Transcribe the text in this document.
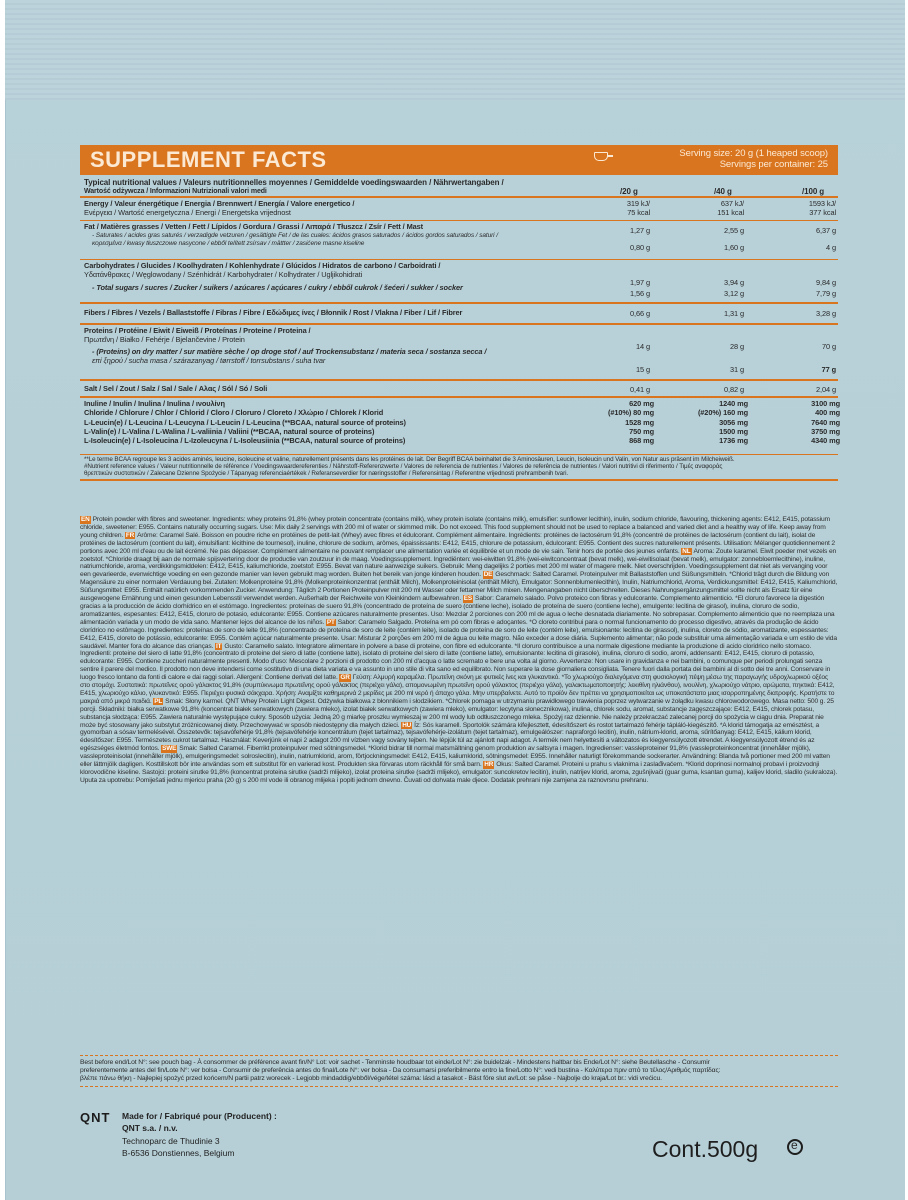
SUPPLEMENT FACTS	Serving size: 20 g (1 heaped scoop)
Servings per container: 25
Typical nutritional values / Valeurs nutritionnelles moyennes / Gemiddelde voedingswaarden / Nährwertangaben /
Wartość odżywcza / Informazioni Nutrizionali valori medi	/20 g	/40 g	/100 g
Energy / Valeur énergétique / Energia / Brennwert / Energía / Valore energetico /
Ενέργεια / Wartość energetyczna / Energi / Energetska vrijednost
319 kJ/	637 kJ/	1593 kJ/
75 kcal	151 kcal	377 kcal
Fat / Matières grasses / Vetten / Fett / Lípidos / Gordura / Grassi / Λιπαρά / Tłuszcz / Zsír / Fett / Mast	1,27 g	2,55 g	6,37 g
- Saturates / acides gras saturés / verzadigde vetzuren / gesättigte Fet / de las cuales: ácidos grasos saturados / ácidos gordos saturados / saturi /
κορεσμένα / kwasy tłuszczowe nasycone / ebből telített zsírsav / mättter / zasićene masne kiseline	0,80 g	1,60 g	4 g
Carbohydrates / Glucides / Koolhydraten / Kohlenhydrate / Glúcidos / Hidratos de carbono / Carboidrati /
Υδατάνθρακες / Węglowodany / Szénhidrát / Karbohydrater / Kolhydrater / Ugljikohidrati
1,97 g	3,94 g	9,84 g
- Total sugars / sucres / Zucker / suikers / azúcares / açúcares / cukry / ebből cukrok / šećeri / sukker / socker
1,56 g	3,12 g	7,79 g
Fibers / Fibres / Vezels / Ballaststoffe / Fibras / Fibre / Εδώδιμες ίνες / Błonnik / Rost / Vlakna / Fiber / Lif / Fibrer	0,66 g	1,31 g	3,28 g
Proteins / Protéine / Eiwit / Eiweiß / Proteínas / Proteine / Proteina /
Πρωτεΐνη / Białko / Fehérje / Bjelančevine / Protein
14 g	28 g	70 g
- (Proteins) on dry matter / sur matière sèche / op droge stof / auf Trockensubstanz / materia seca / sostanza secca /
επί ξηρού / sucha masa / szárazanyag / tørrstoff / torrsubstans / suha tvar
15 g	31 g	77 g
Salt / Sel / Zout / Salz / Sal / Sale / Αλας / Sól / Só / Soli	0,41 g	0,82 g	2,04 g
Inuline / Inulin / Inulina / Inulina / ινουλίνη	620 mg	1240 mg	3100 mg
Chloride / Chlorure / Chlor / Chlorid / Cloro / Cloruro / Cloreto / Χλώριο / Chlorek / Klorid	(#10%) 80 mg	(#20%) 160 mg	400 mg
L-Leucin(e) / L-Leucina / L-Leucyna / L-Leucin / L-Leucina (**BCAA, natural source of proteins)	1528 mg	3056 mg	7640 mg
L-Valin(e) / L-Valina / L-Walina / L-valiinia / Valiini (**BCAA, natural source of proteins)	750 mg	1500 mg	3750 mg
L-Isoleucin(e) / L-Isoleucina / L-Izoleucyna / L-Isoleusiinia (**BCAA, natural source of proteins)	868 mg	1736 mg	4340 mg
**Le terme BCAA regroupe les 3 acides aminés, leucine, isoleucine et valine, naturellement présents dans les protéines de lait. Der Begriff BCAA beinhaltet die 3 Aminosäuren, Leucin, Isoleucin und Valin, von Natur aus präsent im Milcheiweiß.
#Nutrient reference values / Valeur nutritionnelle de référence / Voedingswaardereferenties / Nährstoff-Referenzwerte / Valores de referencia de nutrientes / Valores de referência de nutrientes / Valori nutritivi di riferimento / Τιμές αναφοράς
θρεπτικών συστατικών / Zalecane Dzienne Spożycie / Tápanyag referenciaértékek / Referanseverdier for næringsstoffer / Referensintag / Referentne vrijednosti prehrambenih tvari.

EN Protein powder with fibres and sweetener. Ingredients: whey proteins 91,8% (whey protein concentrate (contains milk), whey protein isolate (contains milk), emulsifier: sunflower lecithin), inulin, sodium chloride, flavouring, thickening agents: E412, E415, potassium chloride, sweetener: E955. Contains naturally occurring sugars. Use: Mix daily 2 servings with 200 ml of water or skimmed milk. Do not exceed. This food supplement should not be used to replace a balanced and varied diet and a healthy way of life. Keep away from young children. FR Arôme: Caramel Salé. Boisson en poudre riche en protéines de petit-lait (Whey) avec fibres et édulcorant. Complément alimentaire. Ingrédients: protéines de lactosérum 91,8% (concentré de protéines de lactosérum (contient du lait), isolat de protéines de lactosérum (contient du lait), émulsifiant: lécithine de tournesol), inuline, chlorure de sodium, arômes, épaississants: E412, E415, chlorure de potassium, édulcorant: E955. Contient des sucres naturellement présents. Utilisation: Mélanger quotidiennement 2 portions avec 200 ml d'eau ou de lait écrémé. Ne pas dépasser. Complément alimentaire ne pouvant remplacer une alimentation variée et équilibrée et un mode de vie sain. Tenir hors de portée des jeunes enfants. NL Aroma: Zoute karamel. Eiwit poeder met vezels en zoetstof. *Chloride draagt bij aan de normale spijsvertering door de productie van zoutzuur in de maag. Voedingssupplement. Ingrediënten: wei-eiwitten 91,8% (wei-eiwitconcentraat (bevat melk), wei-eiwitisolaat (bevat melk), emulgator: zonnebloemlecithine), inuline, natriumchloride, aroma, verdikkingsmiddelen: E412, E415, kaliumchloride, zoetstof: E955. Bevat van nature aanwezige suikers. Gebruik: Meng dagelijks 2 porties met 200 ml water of magere melk. Niet overschrijden. Voedingssupplement dat niet als vervanging voor een gevarieerde, evenwichtige voeding en een gezonde manier van leven gebruikt mag worden. Buiten het bereik van jonge kinderen houden. DE Geschmack: Salted Caramel. Proteinpulver mit Ballaststoffen und Süßungsmitteln. *Chlorid trägt durch die Bildung von Magensäure zu einer normalen Verdauung bei. Zutaten: Molkenproteine 91,8% (Molkenproteinkonzentrat (enthält Milch), Molkenproteinisolat (enthält Milch), Emulgator: Sonnenblumenlecithin), Inulin, Natriumchlorid, Aroma, Verdickungsmittel: E412, E415, Kaliumchlorid, Süßungsmittel: E955. Enthält natürlich vorkommenden Zucker. Anwendung: Täglich 2 Portionen Proteinpulver mit 200 ml Wasser oder fettarmer Milch mixen. Mengenangaben nicht überschreiten. Dieses Nahrungsergänzungsmittel sollte nicht als Ersatz für eine ausgewogene Ernährung und einen gesunden Lebensstil verwendet werden. Außerhalb der Reichweite von Kleinkindern aufbewahren. ES Sabor: Caramelo salado. Polvo proteico con fibras y edulcorante. Complemento alimenticio. *El cloruro favorece la digestión gracias a la producción de ácido clorhídrico en el estómago. Ingredientes: proteínas de suero 91,8% (concentrado de proteína de suero (contiene leche), isolado de proteína de suero (contiene leche), emulgente: lecitina de girasol), inulina, cloruro de sodio, aromatizantes, espesantes: E412, E415, cloruro de potasio, edulcorante: E955. Contiene azúcares naturalmente presentes. Uso: Mezclar 2 porciones con 200 ml de agua o leche desnatada diariamente. No sobrepasar. Complemento alimenticio que no reemplaza una alimentación variada y un modo de vida sano. Mantener lejos del alcance de los niños. PT Sabor: Caramelo Salgado. Proteína em pó com fibras e adoçantes. *O cloreto contribui para o normal funcionamento do processo digestivo, através da produção de ácido clorídrico no estômago. Ingredientes: proteínas de soro de leite 91,8% (concentrado de proteína de soro de leite (contém leite), isolado de proteína de soro de leite (contém leite), emulsionante: lecitina de girassol), inulina, cloreto de sódio, aromatizante, espessantes: E412, E415, cloreto de potássio, edulcorante: E955. Contém açúcar naturalmente presente. Usar: Misturar 2 porções em 200 ml de água ou leite magro. Não exceder a dose diária. Suplemento alimentar; não pode substituir uma alimentação variada e um estilo de vida saudável. Manter fora do alcance das crianças. IT Gusto: Caramello salato. Integratore alimentare in polvere a base di proteine, con fibre ed edulcorante. *Il cloruro contribuisce a una normale digestione mediante la produzione di acido cloridrico nello stomaco. Ingredienti: proteine del siero di latte 91,8% (concentrato di proteine del siero di latte (contiene latte), isolato di proteine del siero di latte (contiene latte), emulsionante: lecitina di girasole), inulina, cloruro di sodio, aromi, addensanti: E412, E415, cloruro di potassio, edulcorante: E955. Contiene zuccheri naturalmente presenti. Modo d'uso: Mescolare 2 porzioni di prodotto con 200 ml d'acqua o latte scremato e bere una volta al giorno. Avvertenze: Non usare in gravidanza e nei bambini, o comunque per periodi prolungati senza sentire il parere del medico. Il prodotto non deve intendersi come sostitutivo di una dieta variata e va assunto in uno stile di vita sano ed equilibrato. Non superare la dose giornaliera consigliata. Tenere fuori dalla portata dei bambini al di sotto dei tre anni. Conservare in luogo fresco lontano da fonti di calore e dai raggi solari. Allergeni: Contiene derivati del latte. GR Γεύση: Αλμυρή καραμέλα. Πρωτεΐνη σκόνη με φυτικές ίνες και γλυκαντικό. *Το χλωριούχο διαλεγόμενα στη φυσιολογική πέψη μέσω της παραγωγής υδροχλωρικού οξέος στο στομάχι. Συστατικά: πρωτεΐνες ορού γάλακτος 91,8% (συμπύκνωμα πρωτεΐνης ορού γάλακτος (περιέχει γάλα), απομονωμένη πρωτεΐνη ορού γάλακτος (περιέχει γάλα), γαλακτωματοποιητής: λεκιθίνη ηλιάνθου), ινουλίνη, χλωριούχο νάτριο, αρώματα, πηκτικά: E412, E415, χλωριούχο κάλιο, γλυκαντικό: E955. Περιέχει φυσικά σάκχαρα. Χρήση: Αναμίξτε καθημερινά 2 μερίδες με 200 ml νερό ή άπαχο γάλα. Μην υπερβαίνετε. Αυτό το προϊόν δεν πρέπει να χρησιμοποιείται ως υποκατάστατο μιας ισορροπημένης διατροφής. Κρατήστε το μακριά από μικρά παιδιά. PL Smak: Słony karmel. QNT Whey Protein Light Digest. Odżywka białkowa z błonnikiem i słodzikiem. *Chlorek pomaga w utrzymaniu prawidłowego trawienia poprzez wytwarzanie w żołądku kwasu chlorowodorowego. Masa netto: 500 g. 25 porcji. Składniki: białka serwatkowe 91,8% (koncentrat białek serwatkowych (zawiera mleko), izolat białek serwatkowych (zawiera mleko), emulgator: lecytyna słonecznikowa), inulina, chlorek sodu, aromat, substancje zagęszczające: E412, E415, chlorek potasu, substancja słodząca: E955. Zawiera naturalnie występujące cukry. Sposób użycia: Jedną 20 g miarkę proszku wymieszaj w 200 ml wody lub odtłuszczonego mleka. Spożyj raz dziennie. Nie należy przekraczać zalecanej porcji do spożycia w ciągu dnia. Preparat nie może być stosowany jako substytut zróżnicowanej diety. Przechowywać w sposób niedostępny dla małych dzieci. HU Íz: Sós karamell. Sportolók számára kifejlesztett, édesítőszert és rostot tartalmazó fehérje tápláló-kiegészítő. *A klorid támogatja az emésztést, a gyomorban a sósav termelésével. Összetevők: tejsavófehérje 91,8% (tejsavófehérje koncentrátum (tejet tartalmaz), tejsavófehérje-izolátum (tejet tartalmaz), emulgeálószer: napraforgó lecitin), inulin, nátrium-klorid, aroma, sűrítőanyag: E412, E415, kálium klorid, édesítőszer: E955. Természetes cukrot tartalmaz. Használat: Keverjünk el napi 2 adagot 200 ml vízben vagy sovány tejben. Ne lépjük túl az ajánlott napi adagot. A termék nem helyettesíti a változatos és kiegyensúlyozott étrendet. A kiegyensúlyozott étrend és az egészséges életmód fontos. SWE Smak: Salted Caramel. Fiberrikt proteinpulver med sötningsmedel. *Klorid bidrar till normal matsmältning genom produktion av saltsyra i magen. Ingredienser: vassleproteiner 91,8% (vassleproteinkoncentrat (innehåller mjölk), vassleproteinisolat (innehåller mjölk), emulgeringsmedel: solroslecitin), inulin, natriumklorid, arom, förtjockningsmedel: E412, E415, kaliumklorid, sötningsmedel: E955. Innehåller naturligt förekommande sockerarter. Användning: Blanda två portioner med 200 ml vatten eller lättmjölk dagligen. Kosttillskott bör inte användas som ett substitut för en varierad kost. Produkten ska förvaras utom räckhåll för små barn. HR Okus: Salted Caramel. Proteini u prahu s vlaknima i zaslađivačem. *Klorid doprinosi normalnoj probavi i proizvodnji klorovodične kiseline. Sastojci: proteini sirutke 91,8% (koncentrat proteina sirutke (sadrži mlijeko), izolat proteina sirutke (sadrži mlijeko), emulgator: suncokretov lecitin), inulin, natrijev klorid, aroma, zgušnjivači (guar guma, ksantan guma), kalijev klorid, sladilo (sukraloza). Uputa za upotrebu: Pomiješati jednu mjericu praha (20 g) s 200 ml vode ili obranog mlijeka i popiti jednom dnevno. Čuvati od dohvata male djece. Dodatak prehrani nije zamjena za raznovrsnu prehranu.

Best before end/Lot N°: see pouch bag - À consommer de préférence avant fin/N° Lot: voir sachet - Tenminste houdbaar tot einde/Lot N°: zie buidelzak - Mindestens haltbar bis Ende/Lot N°: siehe Beutellasche - Consumir
preferentemente antes del fin/Lote N°: ver bolsa - Consumir de preferência antes do final/Lote N°: ver bolsa - Da consumarsi preferibilmente entro la fine/Lotto N°: vedi bustina - Καλύτερα πριν από το τέλος/Αριθμός παρτίδας:
βλέπε πάνω θήκη - Najlepiej spożyć przed końcem/N partii patrz worecek - Legjobb mindaddig/ebből/vége/tétel száma: lásd a tasakot - Bäst före slut av/Lot: se påse - Najbolje do kraja/Lot br.: vidi vrećicu.
QNT Made for / Fabriqué pour (Producent) :
QNT s.a. / n.v.
Technoparc de Thudinie 3
B-6536 Donstiennes, Belgium	Cont.500g
e
